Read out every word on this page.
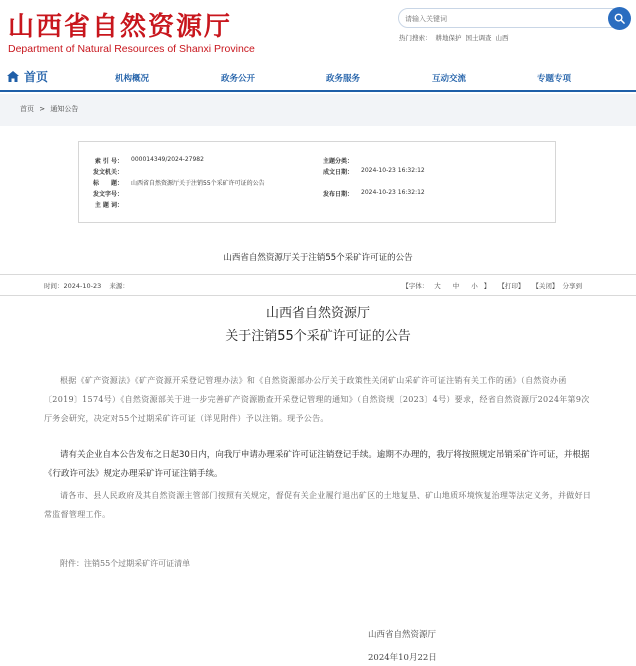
山西省自然资源厅
Department of Natural Resources of Shanxi Province
请输入关键词
热门搜索： 耕地保护 国土调查 山西
首页	机构概况	政务公开	政务服务	互动交流	专题专项
首页 > 通知公告
索 引 号： 000014349/2024-27982
发文机关：
标　　题： 山西省自然资源厅关于注销55个采矿许可证的公告
发文字号：
主 题 词：
主题分类：
成文日期： 2024-10-23 16:32:12
发布日期： 2024-10-23 16:32:12
山西省自然资源厅关于注销55个采矿许可证的公告
时间：2024-10-23 来源：	【字体： 大 中 小 】 【打印】 【关闭】 分享到
山西省自然资源厅
关于注销55个采矿许可证的公告
根据《矿产资源法》《矿产资源开采登记管理办法》和《自然资源部办公厅关于政策性关闭矿山采矿许可证注销有关工作的函》（自然资办函〔2019〕1574号）《自然资源部关于进一步完善矿产资源勘查开采登记管理的通知》（自然资规〔2023〕4号）要求，经省自然资源厅2024年第9次厅务会研究，决定对55个过期采矿许可证（详见附件）予以注销。现予公告。
请有关企业自本公告发布之日起30日内，向我厅申请办理采矿许可证注销登记手续。逾期不办理的，我厅将按照规定吊销采矿许可证，并根据《行政许可法》规定办理采矿许可证注销手续。
请各市、县人民政府及其自然资源主管部门按照有关规定，督促有关企业履行退出矿区的土地复垦、矿山地质环境恢复治理等法定义务，并做好日常监督管理工作。
附件：注销55个过期采矿许可证清单
山西省自然资源厅
2024年10月22日
